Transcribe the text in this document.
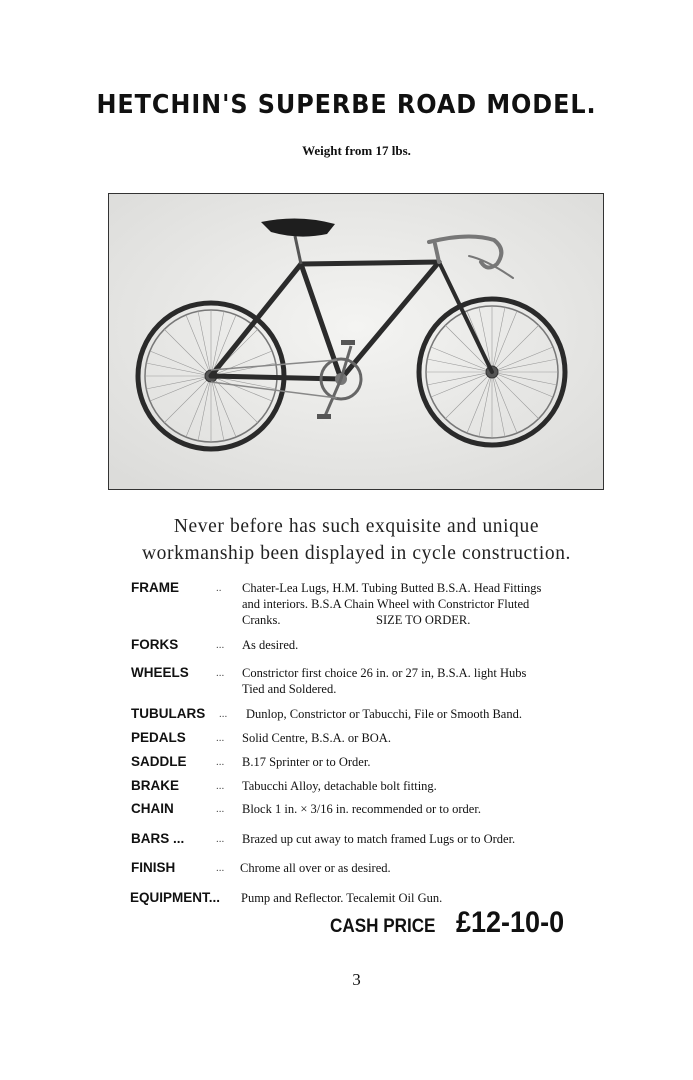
HETCHIN'S SUPERBE ROAD MODEL.
Weight from 17 lbs.
Never before has such exquisite and unique
workmanship been displayed in cycle construction.
FRAME	.. Chater-Lea Lugs, H.M. Tubing Butted B.S.A. Head Fittings
and interiors. B.S.A Chain Wheel with Constrictor Fluted
Cranks.	SIZE TO ORDER.
FORKS	... As desired.
WHEELS ... Constrictor first choice 26 in. or 27 in, B.S.A. light Hubs
Tied and Soldered.
TUBULARS ... Dunlop, Constrictor or Tabucchi, File or Smooth Band.
PEDALS	... Solid Centre, B.S.A. or BOA.
SADDLE	... B.17 Sprinter or to Order.
BRAKE	... Tabucchi Alloy, detachable bolt fitting.
CHAIN	... Block 1 in. × 3/16 in. recommended or to order.
BARS ...	... Brazed up cut away to match framed Lugs or to Order.
FINISH	... Chrome all over or as desired.
EQUIPMENT... Pump and Reflector. Tecalemit Oil Gun.
CASH PRICE £12-10-0
3
